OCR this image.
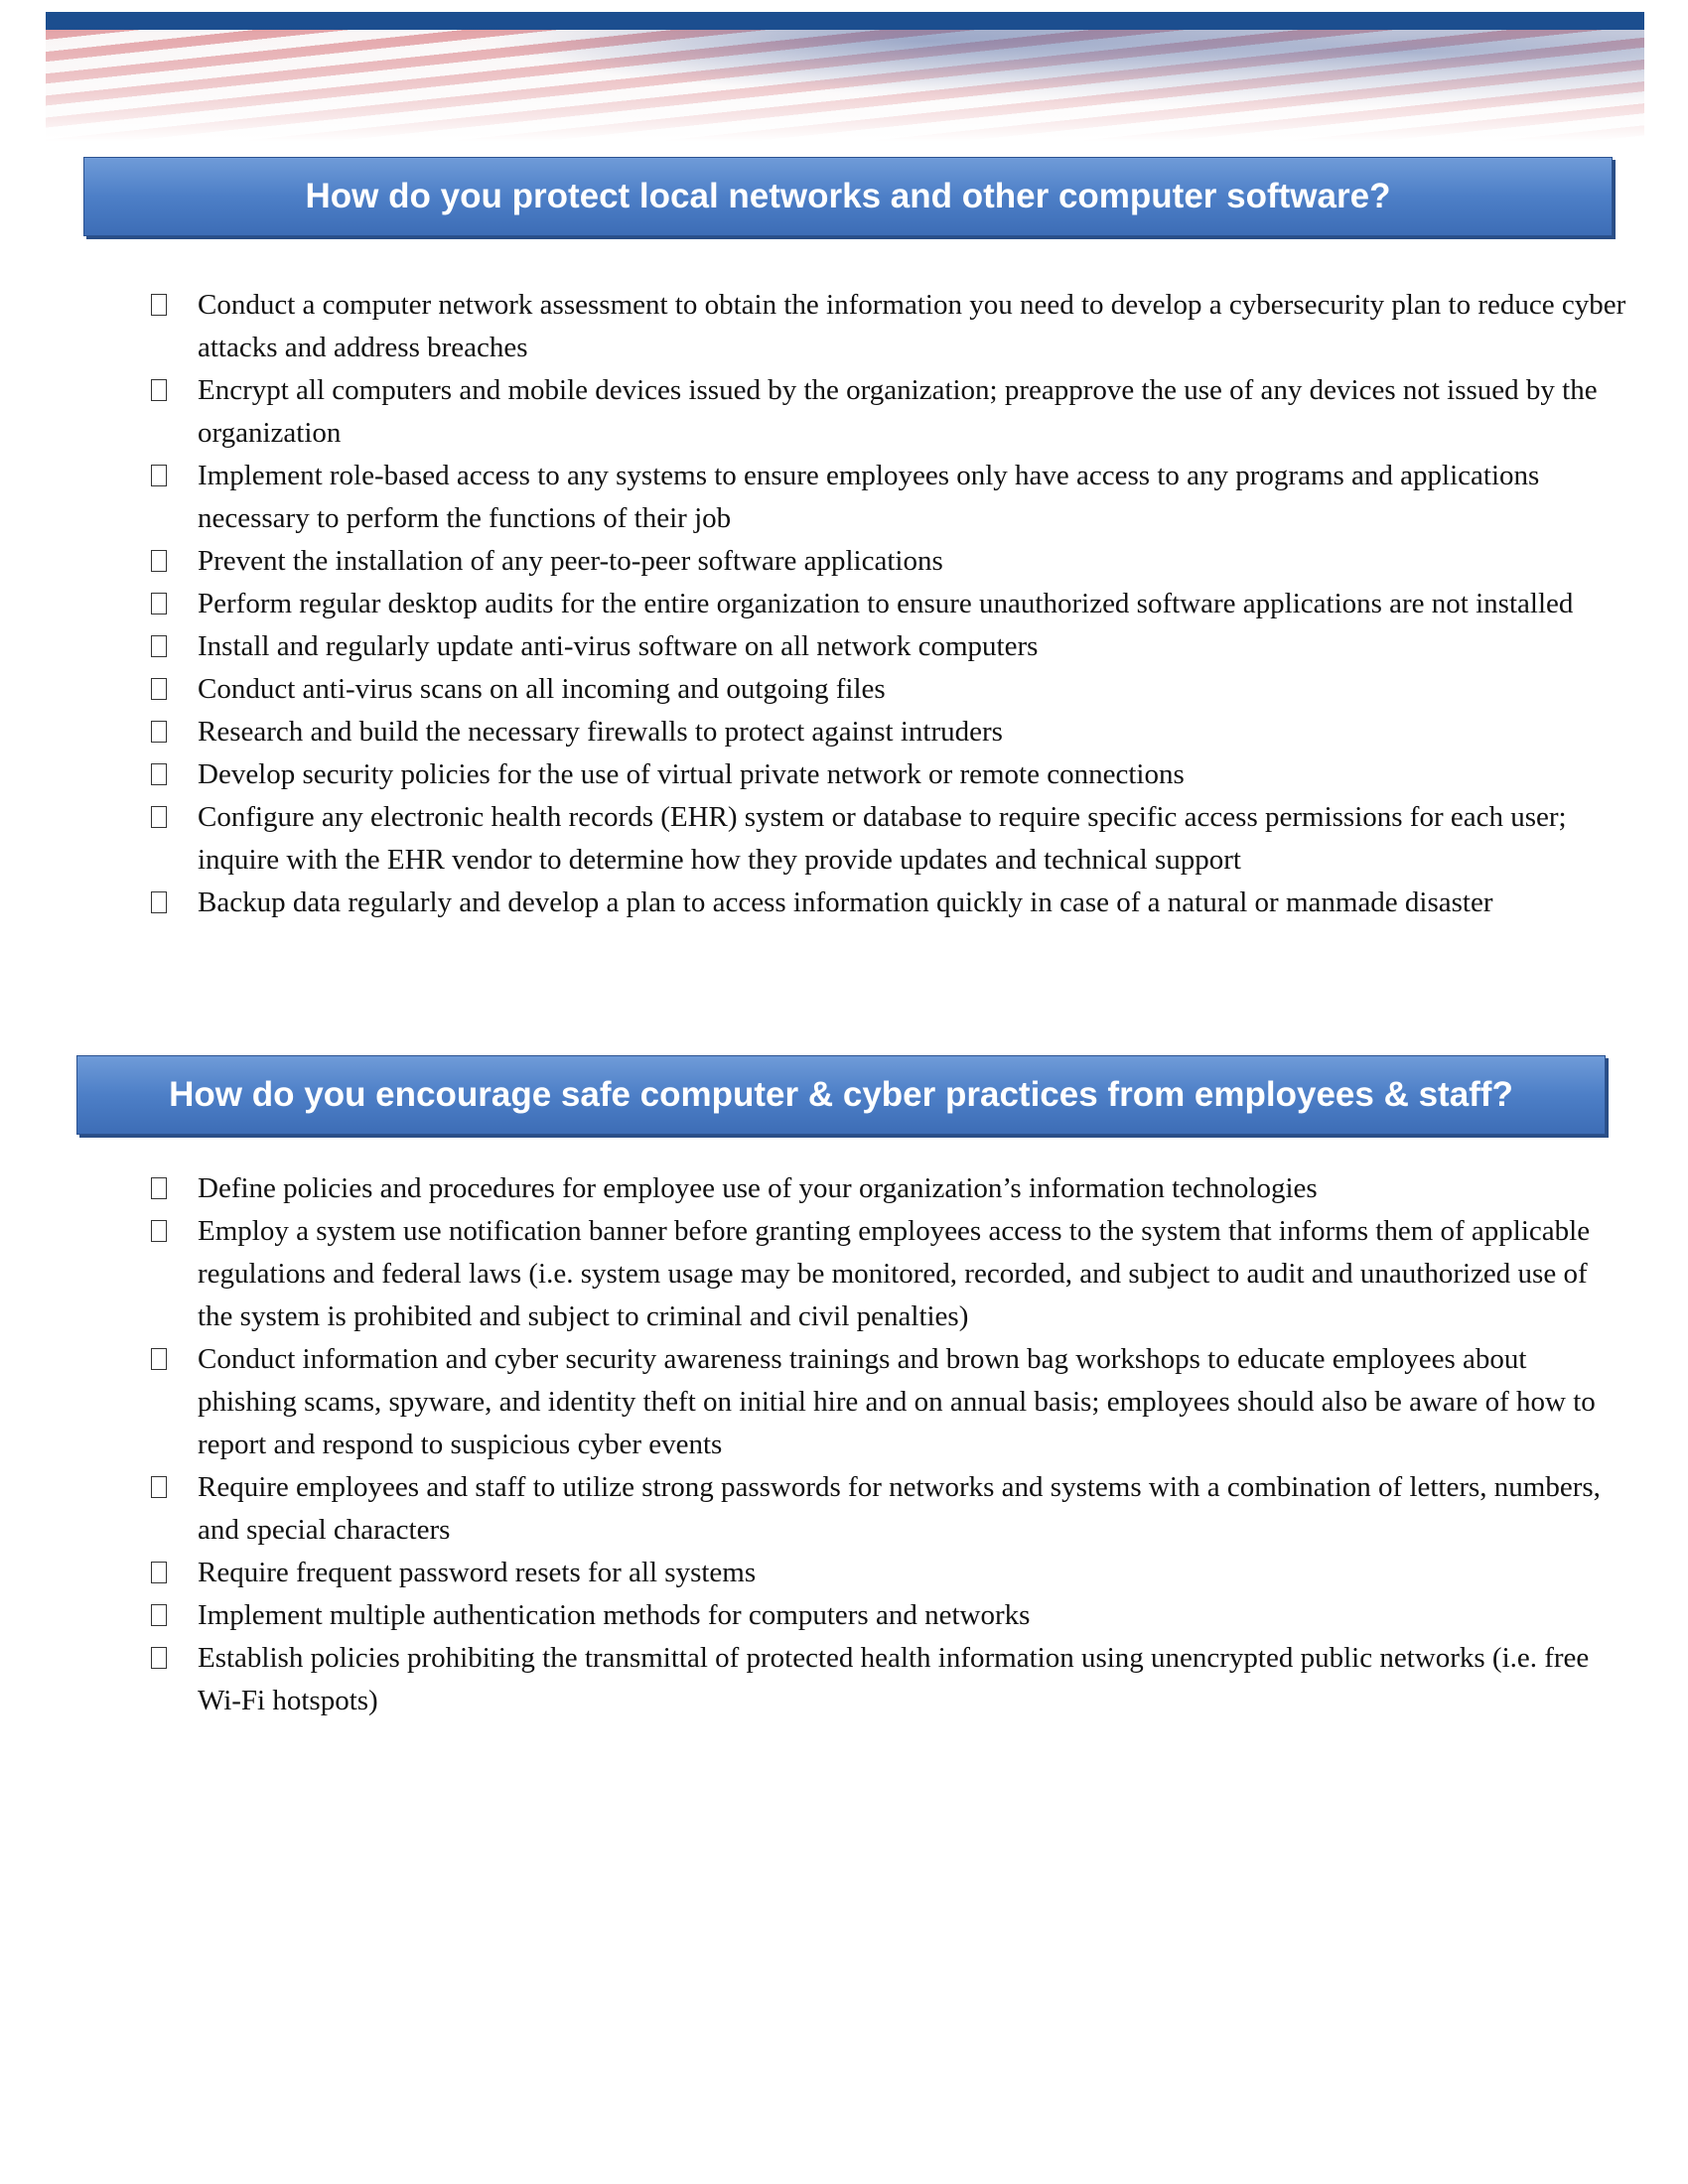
How do you protect local networks and other computer software?
Conduct a computer network assessment to obtain the information you need to develop a cybersecurity plan to reduce cyber attacks and address breaches
Encrypt all computers and mobile devices issued by the organization; preapprove the use of any devices not issued by the organization
Implement role-based access to any systems to ensure employees only have access to any programs and applications necessary to perform the functions of their job
Prevent the installation of any peer-to-peer software applications
Perform regular desktop audits for the entire organization to ensure unauthorized software applications are not installed
Install and regularly update anti-virus software on all network computers
Conduct anti-virus scans on all incoming and outgoing files
Research and build the necessary firewalls to protect against intruders
Develop security policies for the use of virtual private network or remote connections
Configure any electronic health records (EHR) system or database to require specific access permissions for each user; inquire with the EHR vendor to determine how they provide updates and technical support
Backup data regularly and develop a plan to access information quickly in case of a natural or manmade disaster
How do you encourage safe computer & cyber practices from employees & staff?
Define policies and procedures for employee use of your organization’s information technologies
Employ a system use notification banner before granting employees access to the system that informs them of applicable regulations and federal laws (i.e. system usage may be monitored, recorded, and subject to audit and unauthorized use of the system is prohibited and subject to criminal and civil penalties)
Conduct information and cyber security awareness trainings and brown bag workshops to educate employees about phishing scams, spyware, and identity theft on initial hire and on annual basis; employees should also be aware of how to report and respond to suspicious cyber events
Require employees and staff to utilize strong passwords for networks and systems with a combination of letters, numbers, and special characters
Require frequent password resets for all systems
Implement multiple authentication methods for computers and networks
Establish policies prohibiting the transmittal of protected health information using unencrypted public networks (i.e. free Wi-Fi hotspots)
